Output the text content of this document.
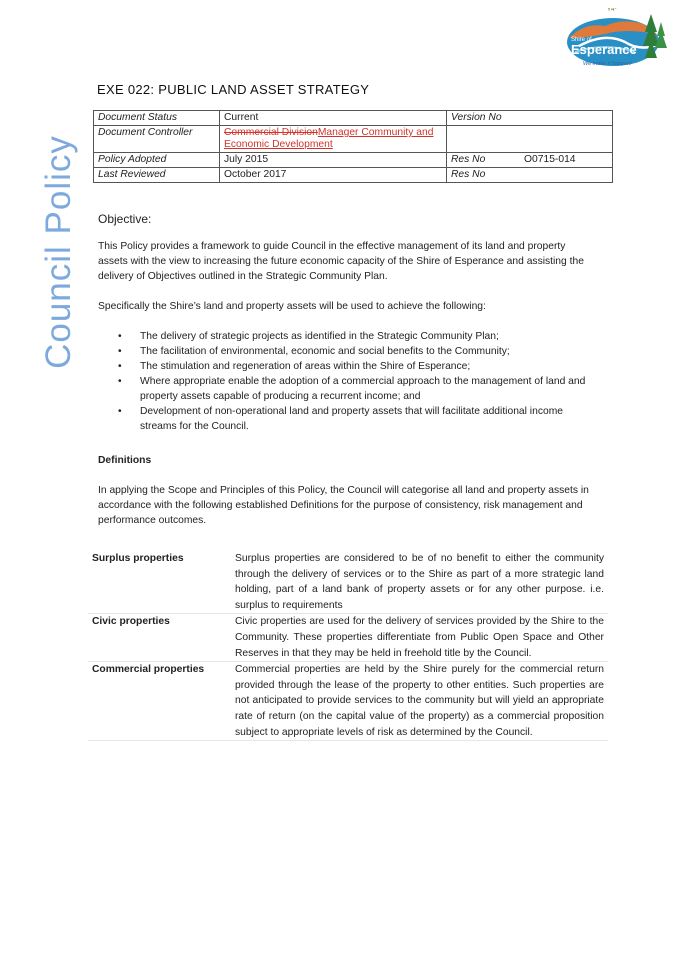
Council Policy
Y4*
Shire of
Esperance
We make it happen!
EXE 022: PUBLIC LAND ASSET STRATEGY
Document Status	Current	Version No	
Document Controller	Commercial DivisionManager Community and Economic Development		
Policy Adopted	July 2015	Res No	O0715-014
Last Reviewed	October 2017	Res No	

Objective:

This Policy provides a framework to guide Council in the effective management of its land and property assets with the view to increasing the future economic capacity of the Shire of Esperance and assisting the delivery of Objectives outlined in the Strategic Community Plan.

Specifically the Shire’s land and property assets will be used to achieve the following:

• The delivery of strategic projects as identified in the Strategic Community Plan;
• The facilitation of environmental, economic and social benefits to the Community;
• The stimulation and regeneration of areas within the Shire of Esperance;
• Where appropriate enable the adoption of a commercial approach to the management of land and property assets capable of producing a recurrent income; and
• Development of non-operational land and property assets that will facilitate additional income streams for the Council.

Definitions

In applying the Scope and Principles of this Policy, the Council will categorise all land and property assets in accordance with the following established Definitions for the purpose of consistency, risk management and performance outcomes.

Surplus properties	Surplus properties are considered to be of no benefit to either the community through the delivery of services or to the Shire as part of a more strategic land holding, part of a land bank of property assets or for any other purpose. i.e. surplus to requirements
Civic properties	Civic properties are used for the delivery of services provided by the Shire to the Community. These properties differentiate from Public Open Space and Other Reserves in that they may be held in freehold title by the Council.
Commercial properties	Commercial properties are held by the Shire purely for the commercial return provided through the lease of the property to other entities. Such properties are not anticipated to provide services to the community but will yield an appropriate rate of return (on the capital value of the property) as a commercial proposition subject to appropriate levels of risk as determined by the Council.
